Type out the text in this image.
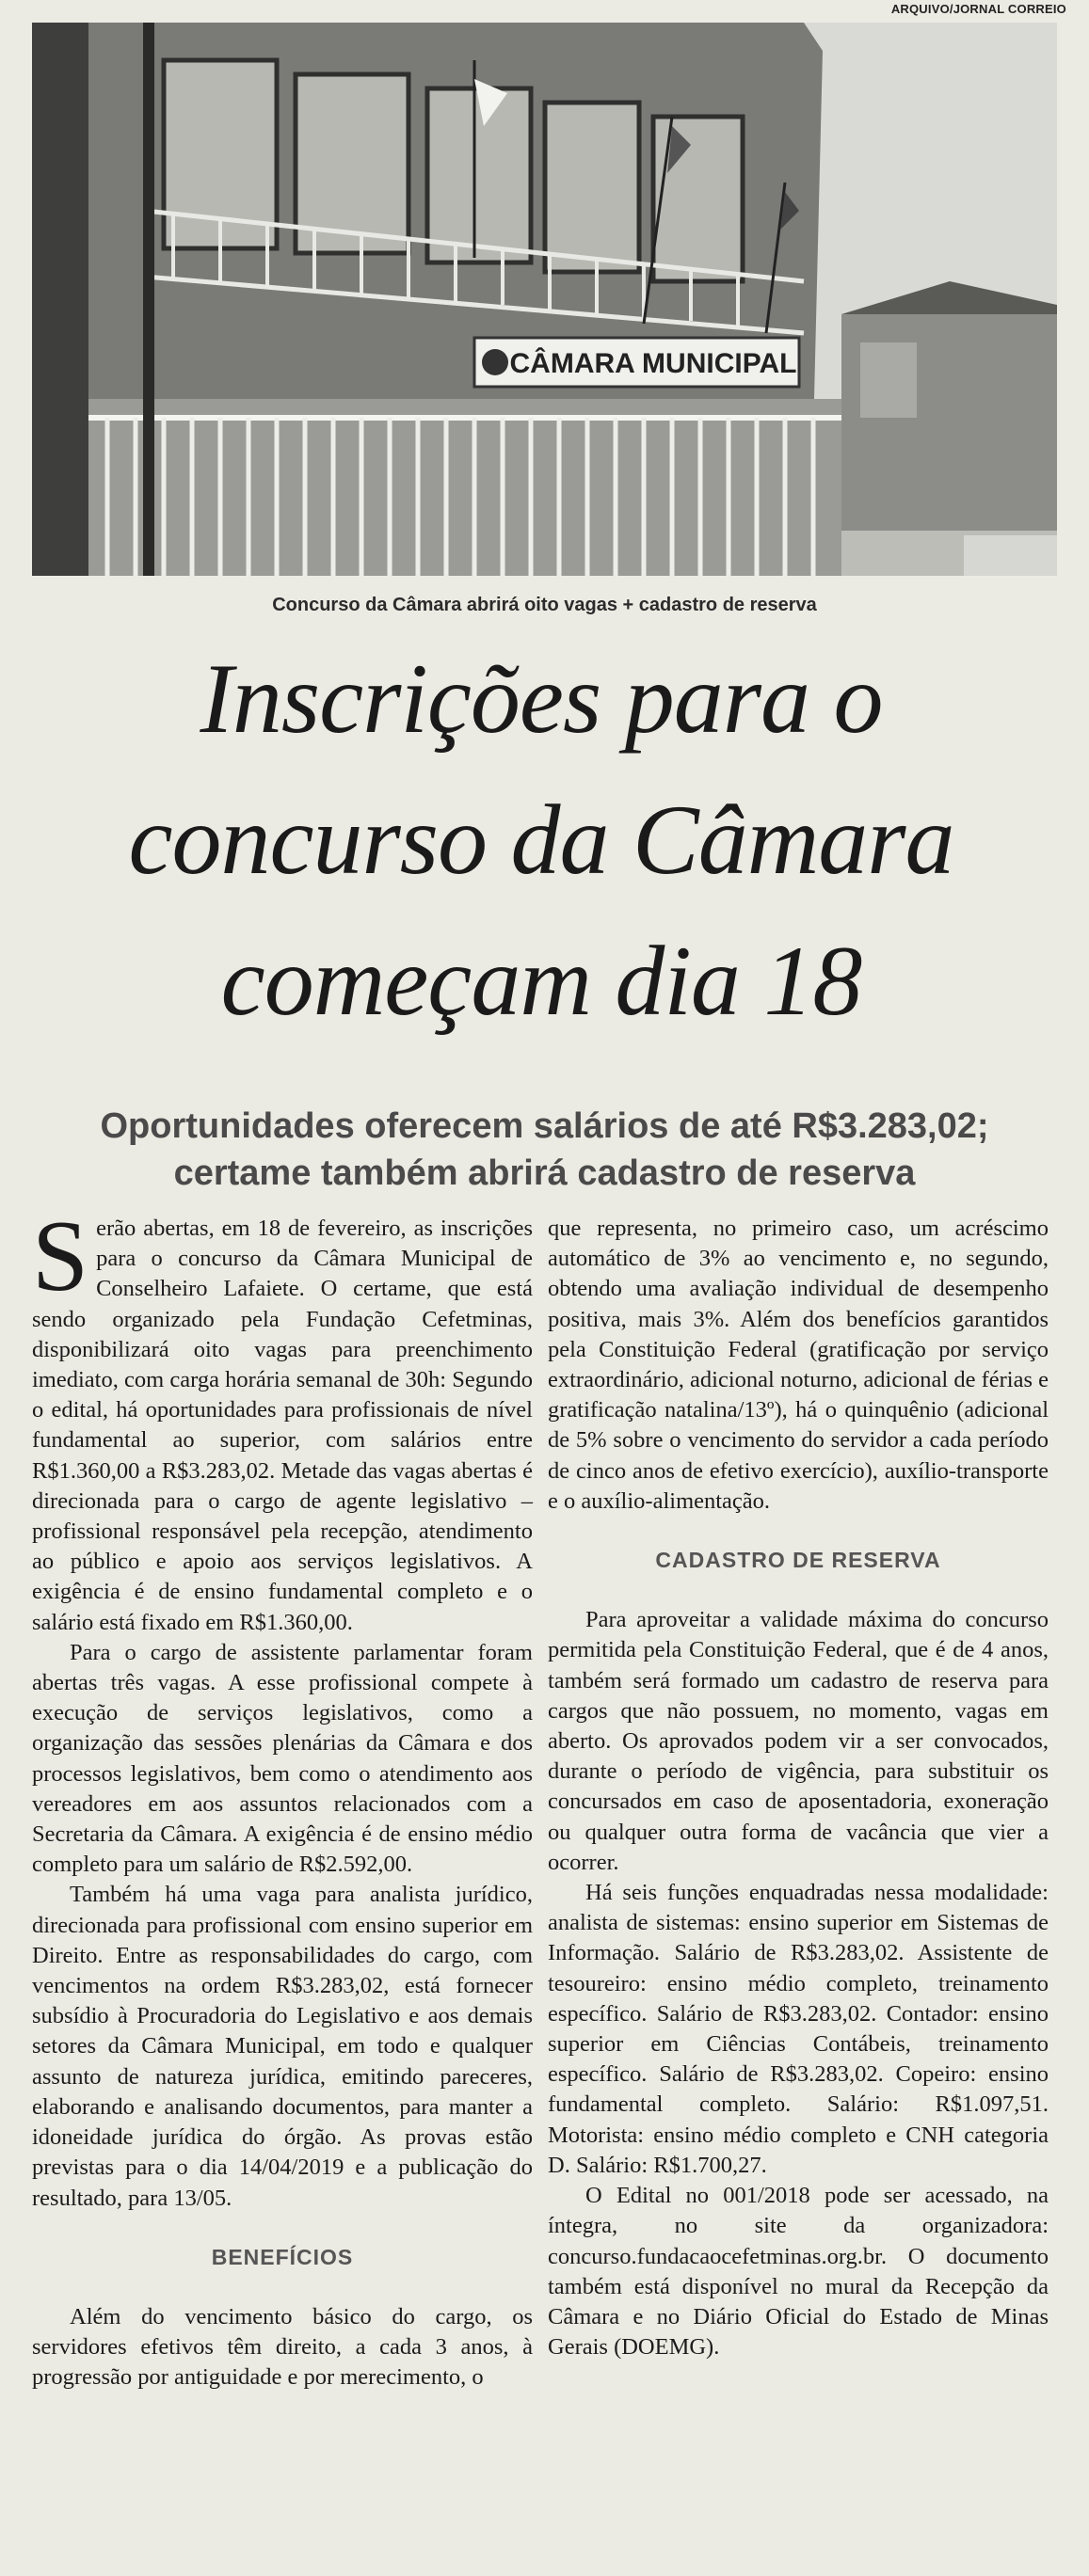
ARQUIVO/JORNAL CORREIO
CÂMARA MUNICIPAL
Concurso da Câmara abrirá oito vagas + cadastro de reserva
Inscrições para o
concurso da Câmara
começam dia 18
Oportunidades oferecem salários de até R$3.283,02;
certame também abrirá cadastro de reserva

Serão abertas, em 18 de fevereiro, as inscrições para o concurso da Câmara Municipal de Conselheiro Lafaiete. O certame, que está sendo organizado pela Fundação Cefetminas, disponibilizará oito vagas para preenchimento imediato, com carga horária semanal de 30h: Segundo o edital, há oportunidades para profissionais de nível fundamental ao superior, com salários entre R$1.360,00 a R$3.283,02. Metade das vagas abertas é direcionada para o cargo de agente legislativo – profissional responsável pela recepção, atendimento ao público e apoio aos serviços legislativos. A exigência é de ensino fundamental completo e o salário está fixado em R$1.360,00.

Para o cargo de assistente parlamentar foram abertas três vagas. A esse profissional compete à execução de serviços legislativos, como a organização das sessões plenárias da Câmara e dos processos legislativos, bem como o atendimento aos vereadores em aos assuntos relacionados com a Secretaria da Câmara. A exigência é de ensino médio completo para um salário de R$2.592,00.

Também há uma vaga para analista jurídico, direcionada para profissional com ensino superior em Direito. Entre as responsabilidades do cargo, com vencimentos na ordem R$3.283,02, está fornecer subsídio à Procuradoria do Legislativo e aos demais setores da Câmara Municipal, em todo e qualquer assunto de natureza jurídica, emitindo pareceres, elaborando e analisando documentos, para manter a idoneidade jurídica do órgão. As provas estão previstas para o dia 14/04/2019 e a publicação do resultado, para 13/05.

BENEFÍCIOS

Além do vencimento básico do cargo, os servidores efetivos têm direito, a cada 3 anos, à progressão por antiguidade e por merecimento, o

que representa, no primeiro caso, um acréscimo automático de 3% ao vencimento e, no segundo, obtendo uma avaliação individual de desempenho positiva, mais 3%. Além dos benefícios garantidos pela Constituição Federal (gratificação por serviço extraordinário, adicional noturno, adicional de férias e gratificação natalina/13º), há o quinquênio (adicional de 5% sobre o vencimento do servidor a cada período de cinco anos de efetivo exercício), auxílio-transporte e o auxílio-alimentação.

CADASTRO DE RESERVA

Para aproveitar a validade máxima do concurso permitida pela Constituição Federal, que é de 4 anos, também será formado um cadastro de reserva para cargos que não possuem, no momento, vagas em aberto. Os aprovados podem vir a ser convocados, durante o período de vigência, para substituir os concursados em caso de aposentadoria, exoneração ou qualquer outra forma de vacância que vier a ocorrer.

Há seis funções enquadradas nessa modalidade: analista de sistemas: ensino superior em Sistemas de Informação. Salário de R$3.283,02. Assistente de tesoureiro: ensino médio completo, treinamento específico. Salário de R$3.283,02. Contador: ensino superior em Ciências Contábeis, treinamento específico. Salário de R$3.283,02. Copeiro: ensino fundamental completo. Salário: R$1.097,51. Motorista: ensino médio completo e CNH categoria D. Salário: R$1.700,27.

O Edital no 001/2018 pode ser acessado, na íntegra, no site da organizadora: concurso.fundacaocefetminas.org.br. O documento também está disponível no mural da Recepção da Câmara e no Diário Oficial do Estado de Minas Gerais (DOEMG).
